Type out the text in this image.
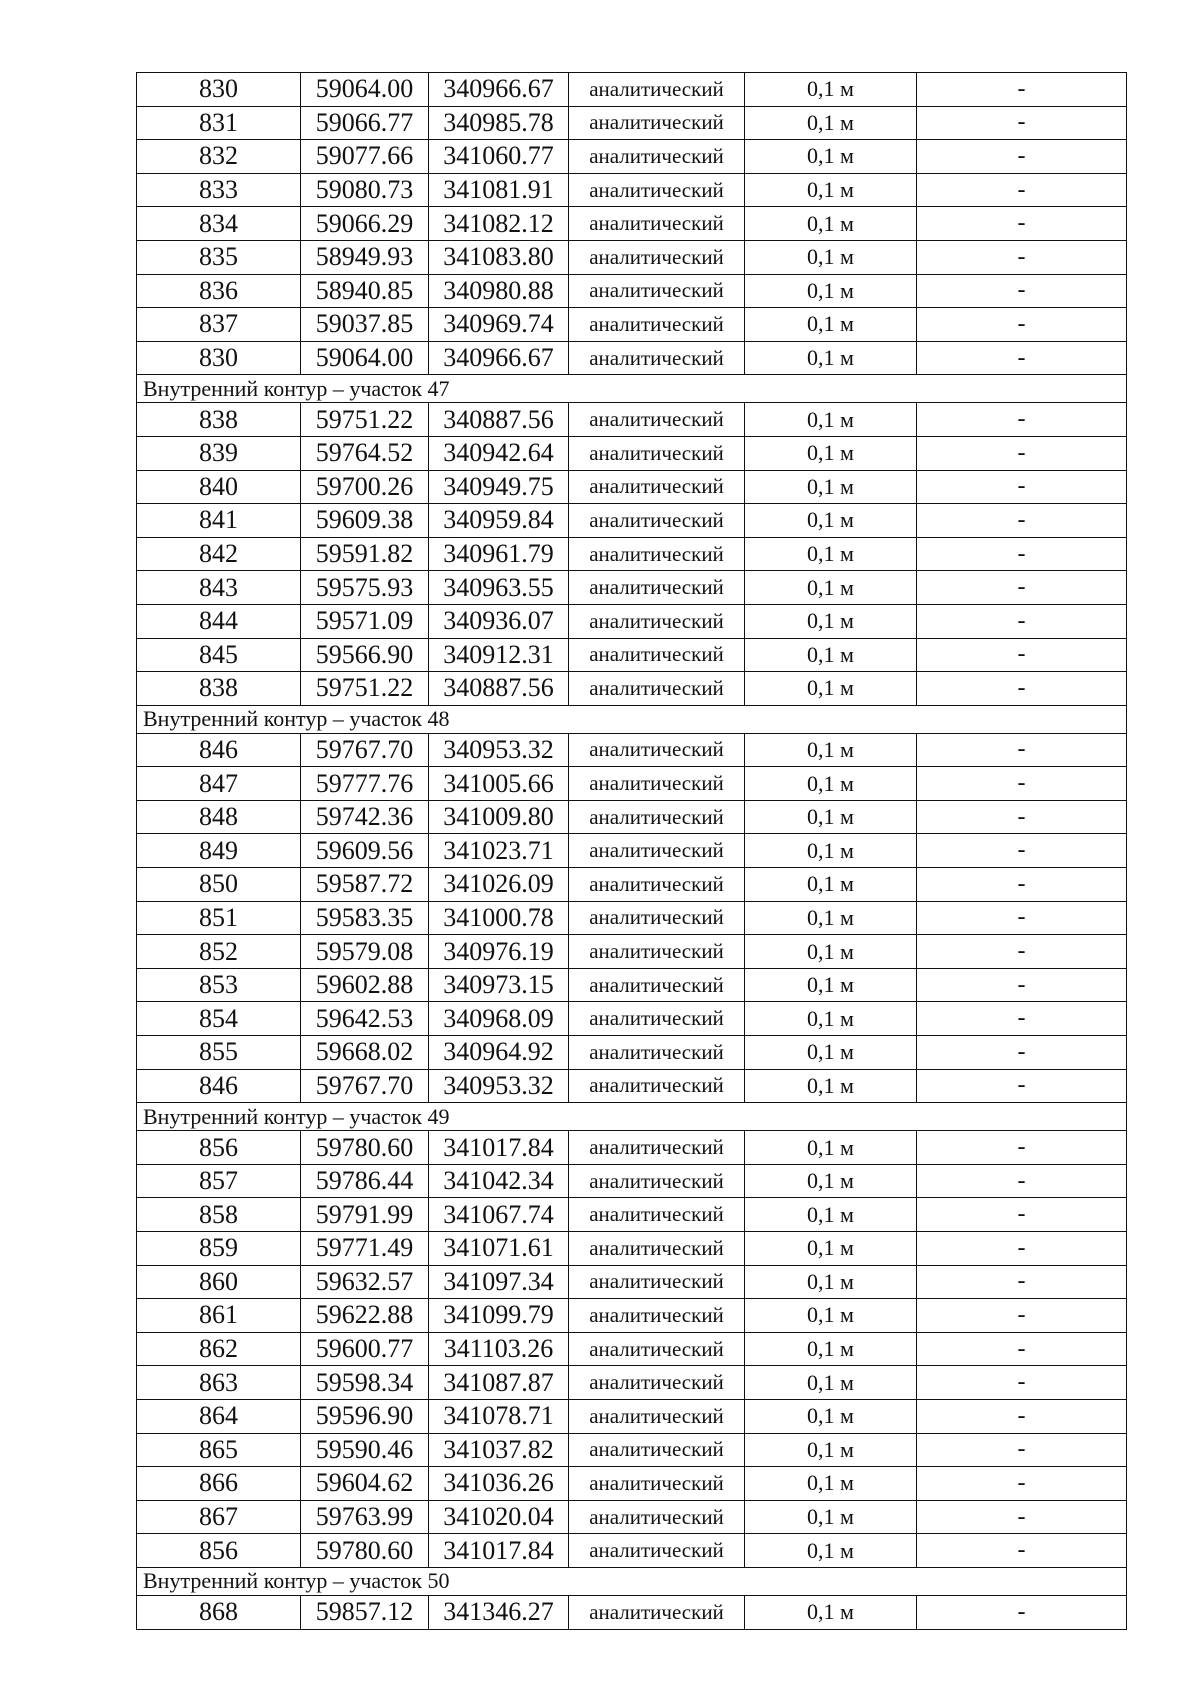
830	59064.00	340966.67	аналитический	0,1 м	-
831	59066.77	340985.78	аналитический	0,1 м	-
832	59077.66	341060.77	аналитический	0,1 м	-
833	59080.73	341081.91	аналитический	0,1 м	-
834	59066.29	341082.12	аналитический	0,1 м	-
835	58949.93	341083.80	аналитический	0,1 м	-
836	58940.85	340980.88	аналитический	0,1 м	-
837	59037.85	340969.74	аналитический	0,1 м	-
830	59064.00	340966.67	аналитический	0,1 м	-
Внутренний контур – участок 47					
838	59751.22	340887.56	аналитический	0,1 м	-
839	59764.52	340942.64	аналитический	0,1 м	-
840	59700.26	340949.75	аналитический	0,1 м	-
841	59609.38	340959.84	аналитический	0,1 м	-
842	59591.82	340961.79	аналитический	0,1 м	-
843	59575.93	340963.55	аналитический	0,1 м	-
844	59571.09	340936.07	аналитический	0,1 м	-
845	59566.90	340912.31	аналитический	0,1 м	-
838	59751.22	340887.56	аналитический	0,1 м	-
Внутренний контур – участок 48					
846	59767.70	340953.32	аналитический	0,1 м	-
847	59777.76	341005.66	аналитический	0,1 м	-
848	59742.36	341009.80	аналитический	0,1 м	-
849	59609.56	341023.71	аналитический	0,1 м	-
850	59587.72	341026.09	аналитический	0,1 м	-
851	59583.35	341000.78	аналитический	0,1 м	-
852	59579.08	340976.19	аналитический	0,1 м	-
853	59602.88	340973.15	аналитический	0,1 м	-
854	59642.53	340968.09	аналитический	0,1 м	-
855	59668.02	340964.92	аналитический	0,1 м	-
846	59767.70	340953.32	аналитический	0,1 м	-
Внутренний контур – участок 49					
856	59780.60	341017.84	аналитический	0,1 м	-
857	59786.44	341042.34	аналитический	0,1 м	-
858	59791.99	341067.74	аналитический	0,1 м	-
859	59771.49	341071.61	аналитический	0,1 м	-
860	59632.57	341097.34	аналитический	0,1 м	-
861	59622.88	341099.79	аналитический	0,1 м	-
862	59600.77	341103.26	аналитический	0,1 м	-
863	59598.34	341087.87	аналитический	0,1 м	-
864	59596.90	341078.71	аналитический	0,1 м	-
865	59590.46	341037.82	аналитический	0,1 м	-
866	59604.62	341036.26	аналитический	0,1 м	-
867	59763.99	341020.04	аналитический	0,1 м	-
856	59780.60	341017.84	аналитический	0,1 м	-
Внутренний контур – участок 50					
868	59857.12	341346.27	аналитический	0,1 м	-
